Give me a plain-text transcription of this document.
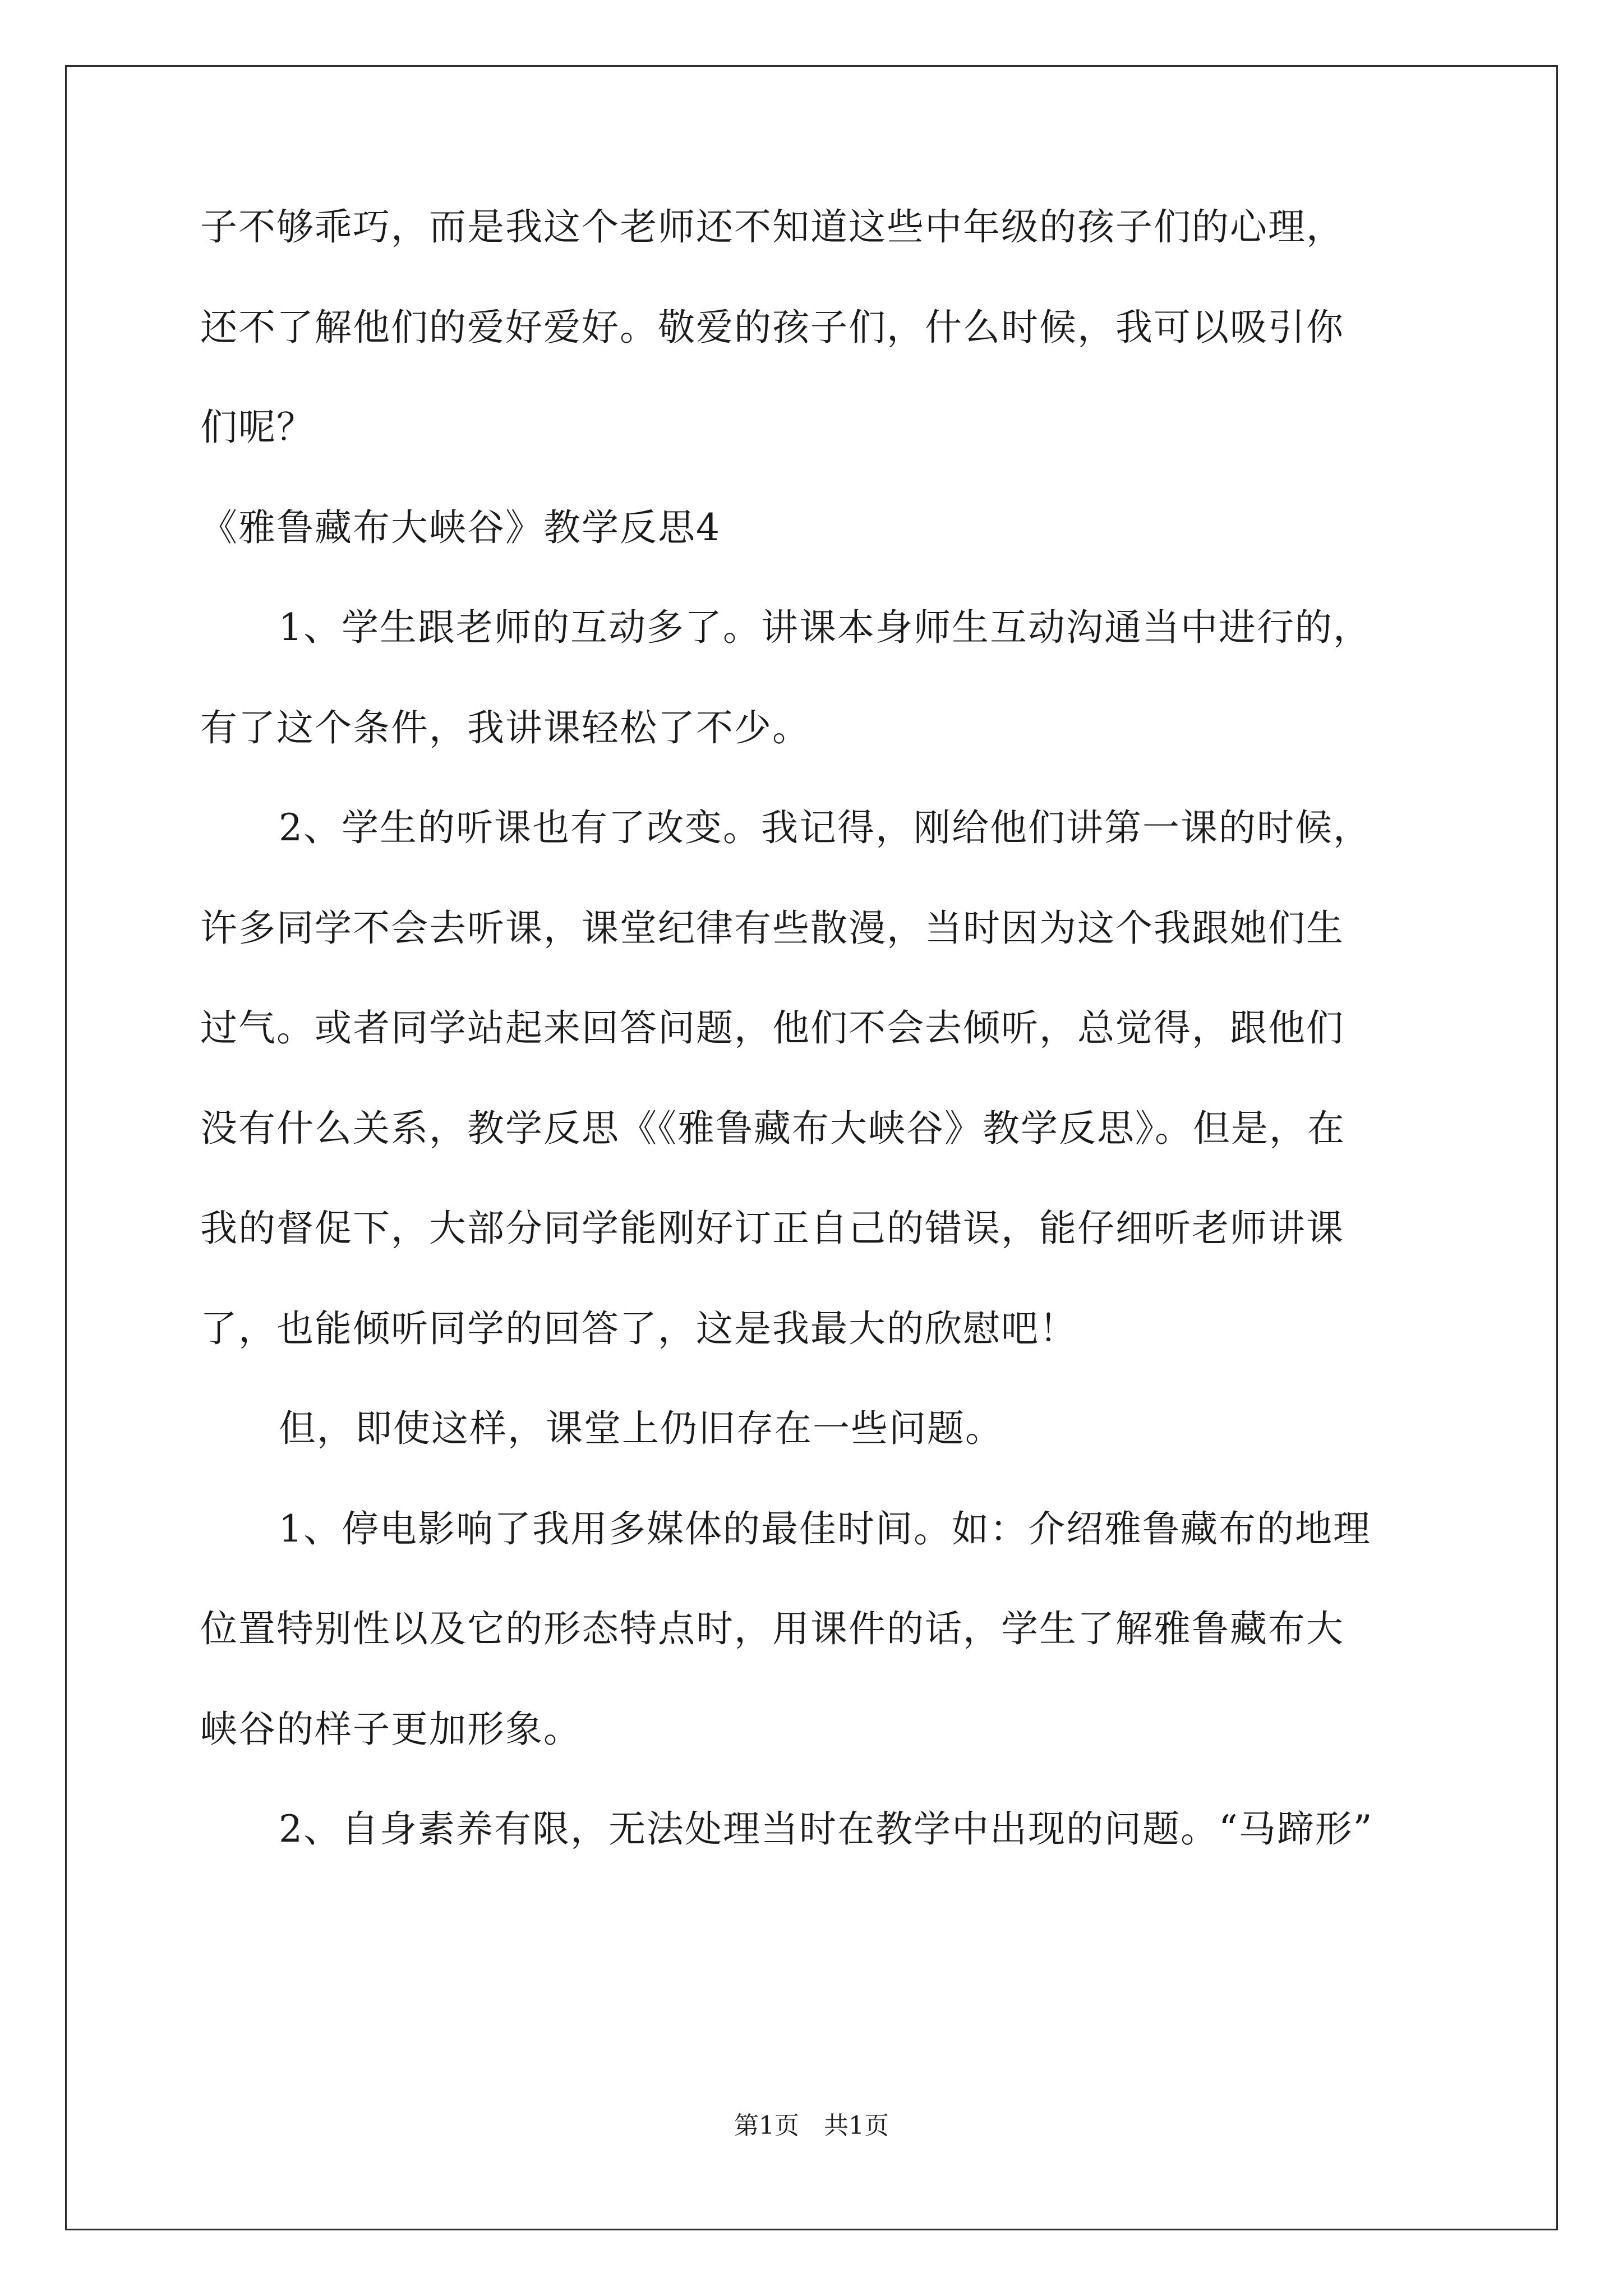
子不够乖巧，而是我这个老师还不知道这些中年级的孩子们的心理，

还不了解他们的爱好爱好。敬爱的孩子们，什么时候，我可以吸引你

们呢？

《雅鲁藏布大峡谷》教学反思4

1、学生跟老师的互动多了。讲课本身师生互动沟通当中进行的，

有了这个条件，我讲课轻松了不少。

2、学生的听课也有了改变。我记得，刚给他们讲第一课的时候，

许多同学不会去听课，课堂纪律有些散漫，当时因为这个我跟她们生

过气。或者同学站起来回答问题，他们不会去倾听，总觉得，跟他们

没有什么关系，教学反思《《雅鲁藏布大峡谷》教学反思》。但是，在

我的督促下，大部分同学能刚好订正自己的错误，能仔细听老师讲课

了，也能倾听同学的回答了，这是我最大的欣慰吧！

但，即使这样，课堂上仍旧存在一些问题。

1、停电影响了我用多媒体的最佳时间。如：介绍雅鲁藏布的地理

位置特别性以及它的形态特点时，用课件的话，学生了解雅鲁藏布大

峡谷的样子更加形象。

2、自身素养有限，无法处理当时在教学中出现的问题。“马蹄形”

第1页　共1页
